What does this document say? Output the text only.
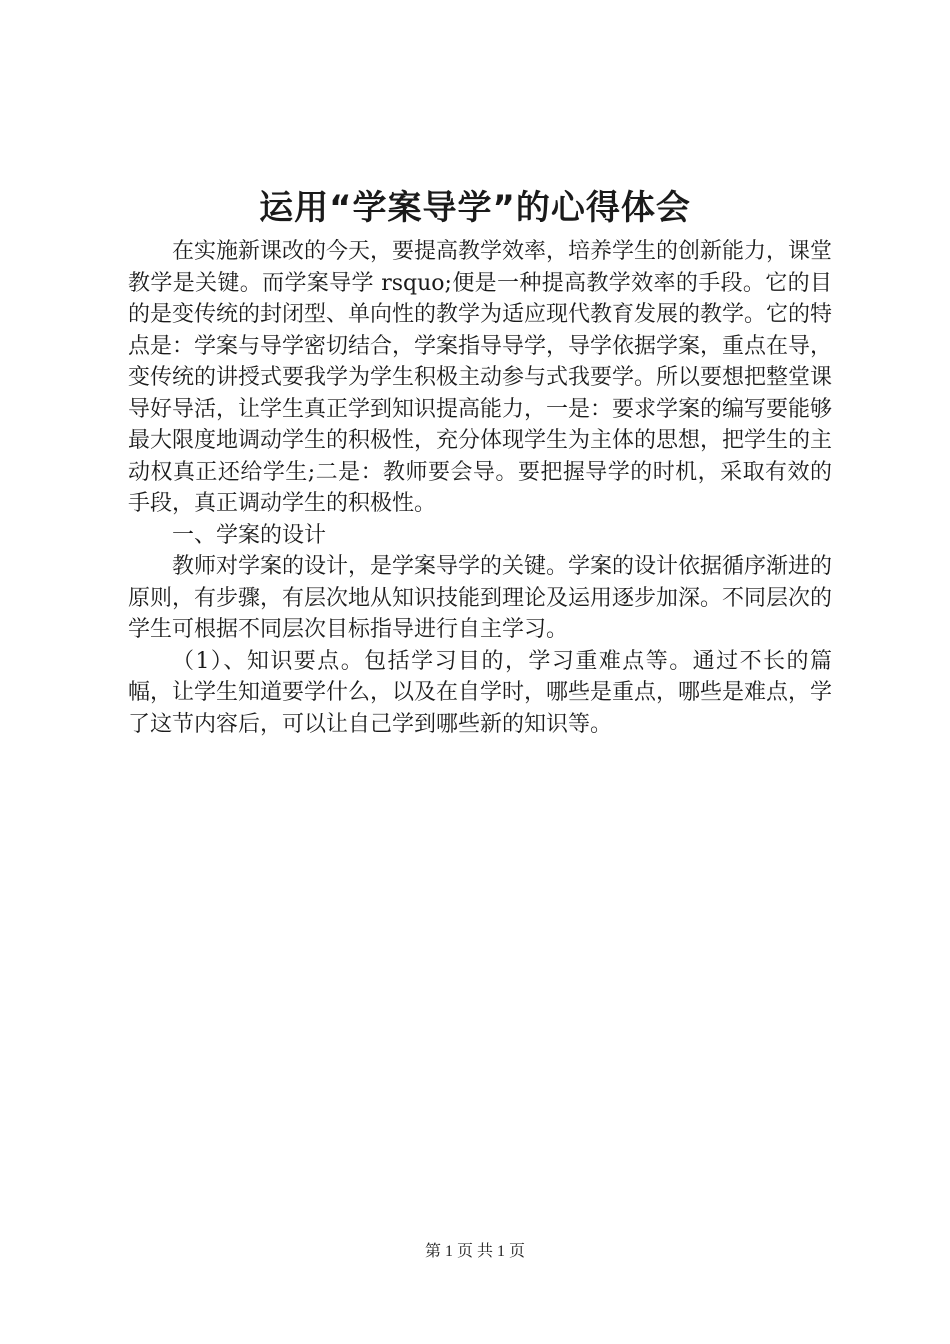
运用“学案导学”的心得体会

在实施新课改的今天，要提高教学效率，培养学生的创新能力，课堂教学是关键。而学案导学 rsquo;便是一种提高教学效率的手段。它的目的是变传统的封闭型、单向性的教学为适应现代教育发展的教学。它的特点是：学案与导学密切结合，学案指导导学，导学依据学案，重点在导，变传统的讲授式要我学为学生积极主动参与式我要学。所以要想把整堂课导好导活，让学生真正学到知识提高能力，一是：要求学案的编写要能够最大限度地调动学生的积极性，充分体现学生为主体的思想，把学生的主动权真正还给学生;二是：教师要会导。要把握导学的时机，采取有效的手段，真正调动学生的积极性。

一、学案的设计

教师对学案的设计，是学案导学的关键。学案的设计依据循序渐进的原则，有步骤，有层次地从知识技能到理论及运用逐步加深。不同层次的学生可根据不同层次目标指导进行自主学习。

（1）、知识要点。包括学习目的，学习重难点等。通过不长的篇幅，让学生知道要学什么，以及在自学时，哪些是重点，哪些是难点，学了这节内容后，可以让自己学到哪些新的知识等。

第 1 页 共 1 页
